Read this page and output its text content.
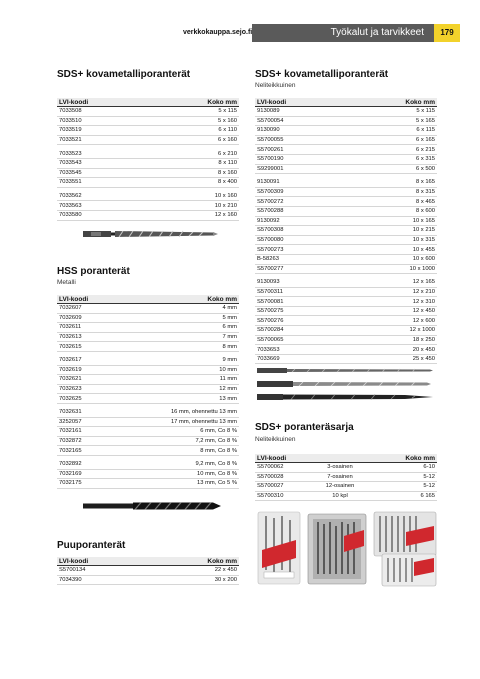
verkkokauppa.sejo.fi	Työkalut ja tarvikkeet	179
SDS+ kovametalliporanterät
LVI-koodi	Koko mm
7033508	5 x 115
7033510	5 x 160
7033519	6 x 110
7033521	6 x 160
7033523	6 x 210
7033543	8 x 110
7033545	8 x 160
7033551	8 x 400
7033562	10 x 160
7033563	10 x 210
7033580	12 x 160
HSS poranterät
Metalli
LVI-koodi	Koko mm
7032607	4 mm
7032609	5 mm
7032611	6 mm
7032613	7 mm
7032615	8 mm
7032617	9 mm
7032619	10 mm
7032621	11 mm
7032623	12 mm
7032625	13 mm
7032631	16 mm, ohennettu 13 mm
3252057	17 mm, ohennettu 13 mm
7032161	6 mm, Co 8 %
7032872	7,2 mm, Co 8 %
7032165	8 mm, Co 8 %
7032892	9,2 mm, Co 8 %
7032169	10 mm, Co 8 %
7032175	13 mm, Co 5 %
Puuporanterät
LVI-koodi	Koko mm
S5700134	22 x 450
7034390	30 x 200
SDS+ kovametalliporanterät
Neliteikkuinen
LVI-koodi	Koko mm
9130089	5 x 115
S5700054	5 x 165
9130090	6 x 115
S5700055	6 x 165
S5700261	6 x 215
S5700190	6 x 315
S9299001	6 x 500
9130091	8 x 165
S5700309	8 x 315
S5700272	8 x 465
S5700288	8 x 600
9130092	10 x 165
S5700308	10 x 215
S5700080	10 x 315
S5700273	10 x 455
B-58263	10 x 600
S5700277	10 x 1000
9130093	12 x 165
S5700311	12 x 210
S5700081	12 x 310
S5700275	12 x 450
S5700276	12 x 600
S5700284	12 x 1000
S5700065	18 x 250
7033653	20 x 450
7033669	25 x 450
SDS+ poranteräsarja
Neliteikkuinen
LVI-koodi	Koko mm
S5700062	3-osainen	6-10
S5700028	7-osainen	5-12
S5700027	12-osainen	5-12
S5700310	10 kpl	6 165
